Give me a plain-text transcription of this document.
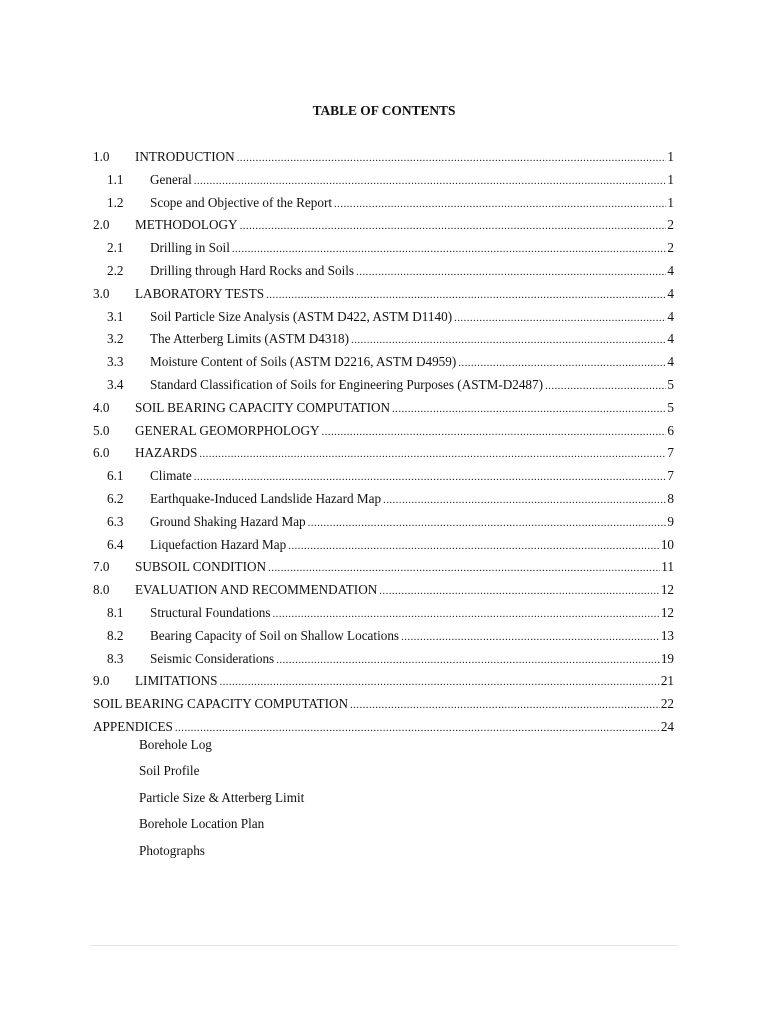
TABLE OF CONTENTS
1.0	INTRODUCTION .....	1
1.1	General .....	1
1.2	Scope and Objective of the Report .....	1
2.0	METHODOLOGY .....	2
2.1	Drilling in Soil .....	2
2.2	Drilling through Hard Rocks and Soils .....	4
3.0	LABORATORY TESTS .....	4
3.1	Soil Particle Size Analysis (ASTM D422, ASTM D1140) .....	4
3.2	The Atterberg Limits (ASTM D4318) .....	4
3.3	Moisture Content of Soils (ASTM D2216, ASTM D4959) .....	4
3.4	Standard Classification of Soils for Engineering Purposes (ASTM-D2487) .....	5
4.0	SOIL BEARING CAPACITY COMPUTATION .....	5
5.0	GENERAL GEOMORPHOLOGY .....	6
6.0	HAZARDS .....	7
6.1	Climate .....	7
6.2	Earthquake-Induced Landslide Hazard Map .....	8
6.3	Ground Shaking Hazard Map .....	9
6.4	Liquefaction Hazard Map .....	10
7.0	SUBSOIL CONDITION .....	11
8.0	EVALUATION AND RECOMMENDATION .....	12
8.1	Structural Foundations .....	12
8.2	Bearing Capacity of Soil on Shallow Locations .....	13
8.3	Seismic Considerations .....	19
9.0	LIMITATIONS .....	21
SOIL BEARING CAPACITY COMPUTATION .....	22
APPENDICES .....	24
Borehole Log
Soil Profile
Particle Size & Atterberg Limit
Borehole Location Plan
Photographs
